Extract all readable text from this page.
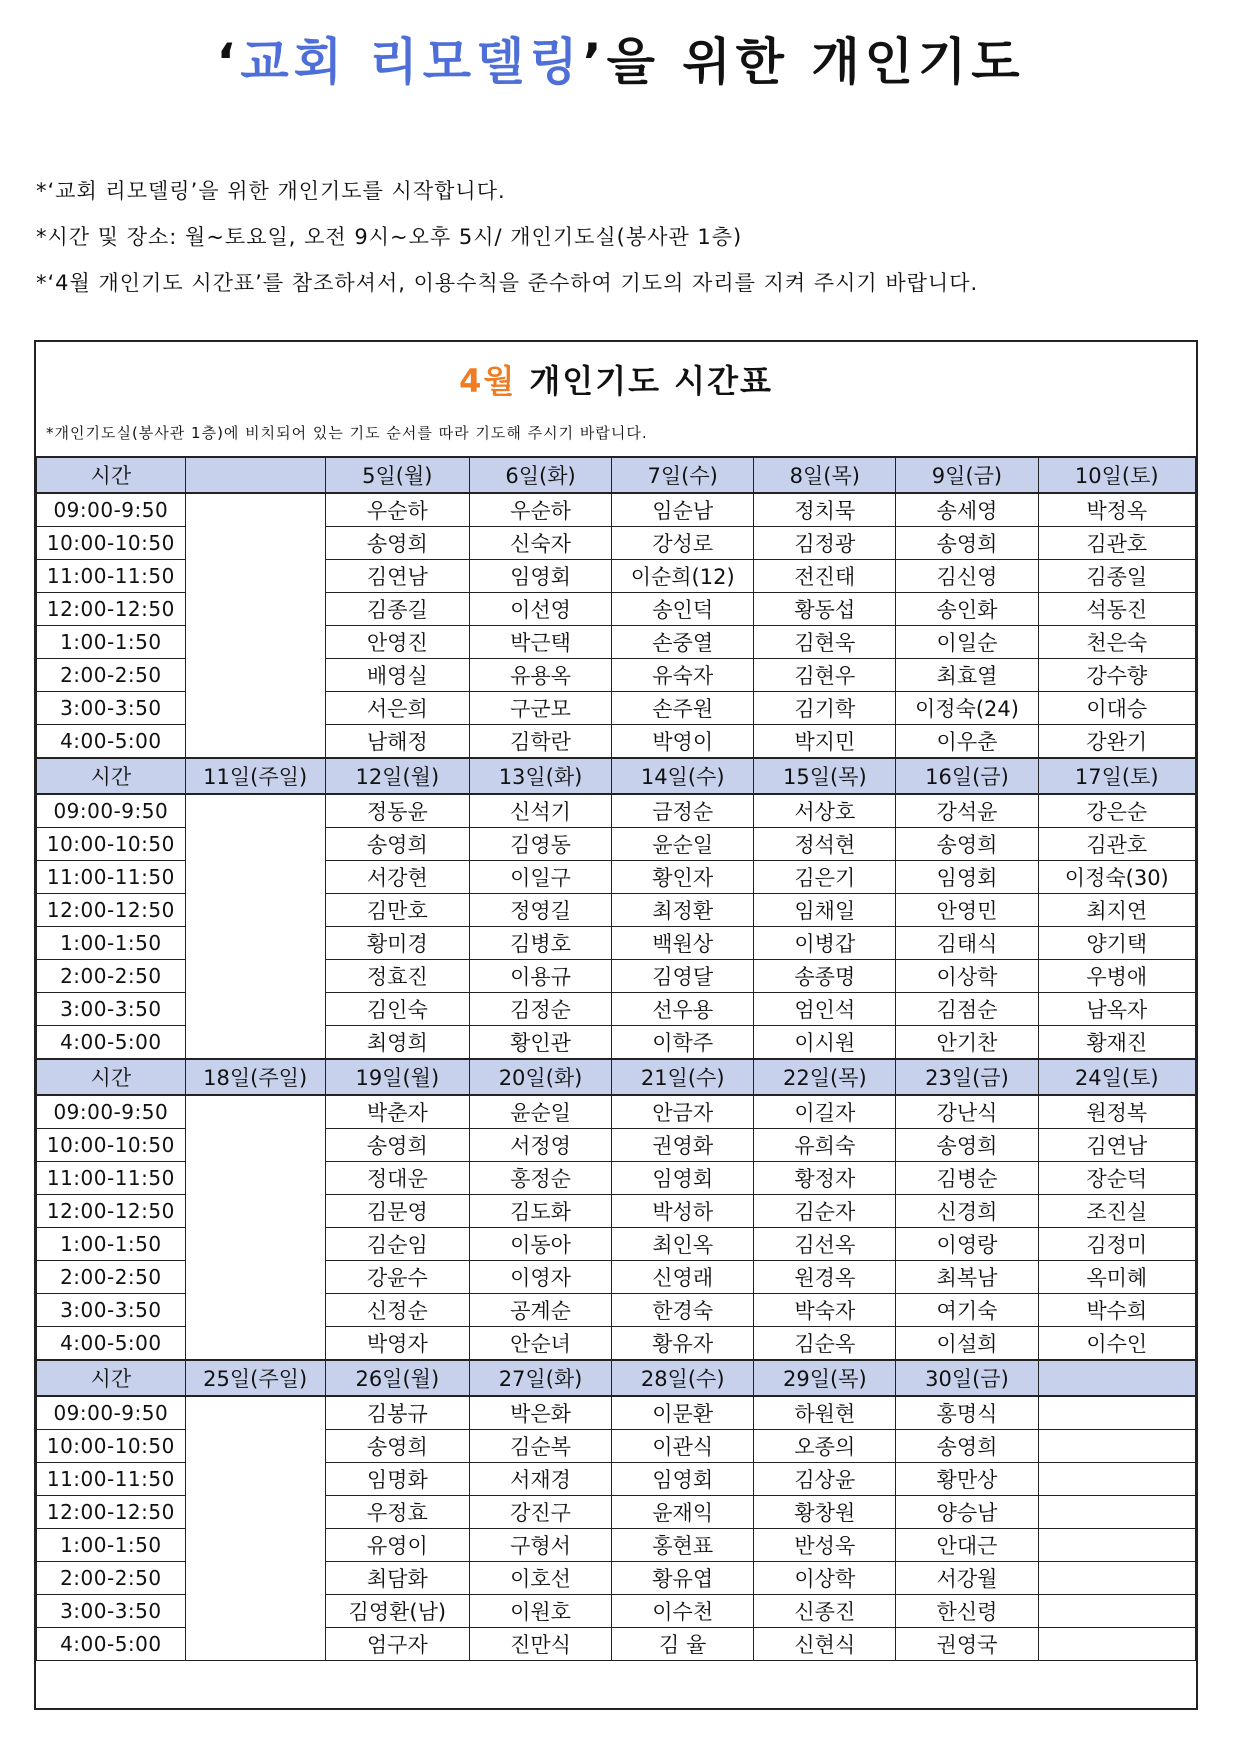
‘교회 리모델링’을 위한 개인기도
*‘교회 리모델링’을 위한 개인기도를 시작합니다.
*시간 및 장소: 월~토요일, 오전 9시~오후 5시/ 개인기도실(봉사관 1층)
*‘4월 개인기도 시간표’를 참조하셔서, 이용수칙을 준수하여 기도의 자리를 지켜 주시기 바랍니다.
4월 개인기도 시간표
*개인기도실(봉사관 1층)에 비치되어 있는 기도 순서를 따라 기도해 주시기 바랍니다.
시간		5일(월)	6일(화)	7일(수)	8일(목)	9일(금)	10일(토)
09:00-9:50		우순하	우순하	임순남	정치묵	송세영	박정옥
10:00-10:50		송영희	신숙자	강성로	김정광	송영희	김관호
11:00-11:50		김연남	임영회	이순희(12)	전진태	김신영	김종일
12:00-12:50		김종길	이선영	송인덕	황동섭	송인화	석동진
1:00-1:50		안영진	박근택	손중열	김현욱	이일순	천은숙
2:00-2:50		배영실	유용옥	유숙자	김현우	최효열	강수향
3:00-3:50		서은희	구군모	손주원	김기학	이정숙(24)	이대승
4:00-5:00		남해정	김학란	박영이	박지민	이우춘	강완기
시간	11일(주일)	12일(월)	13일(화)	14일(수)	15일(목)	16일(금)	17일(토)
09:00-9:50		정동윤	신석기	금정순	서상호	강석윤	강은순
10:00-10:50		송영희	김영동	윤순일	정석현	송영희	김관호
11:00-11:50		서강현	이일구	황인자	김은기	임영회	이정숙(30)
12:00-12:50		김만호	정영길	최정환	임채일	안영민	최지연
1:00-1:50		황미경	김병호	백원상	이병갑	김태식	양기택
2:00-2:50		정효진	이용규	김영달	송종명	이상학	우병애
3:00-3:50		김인숙	김정순	선우용	엄인석	김점순	남옥자
4:00-5:00		최영희	황인관	이학주	이시원	안기찬	황재진
시간	18일(주일)	19일(월)	20일(화)	21일(수)	22일(목)	23일(금)	24일(토)
09:00-9:50		박춘자	윤순일	안금자	이길자	강난식	원정복
10:00-10:50		송영희	서정영	권영화	유희숙	송영희	김연남
11:00-11:50		정대운	홍정순	임영회	황정자	김병순	장순덕
12:00-12:50		김문영	김도화	박성하	김순자	신경희	조진실
1:00-1:50		김순임	이동아	최인옥	김선옥	이영랑	김정미
2:00-2:50		강윤수	이영자	신영래	원경옥	최복남	옥미혜
3:00-3:50		신정순	공계순	한경숙	박숙자	여기숙	박수희
4:00-5:00		박영자	안순녀	황유자	김순옥	이설희	이수인
시간	25일(주일)	26일(월)	27일(화)	28일(수)	29일(목)	30일(금)	
09:00-9:50		김봉규	박은화	이문환	하원현	홍명식	
10:00-10:50		송영희	김순복	이관식	오종의	송영희	
11:00-11:50		임명화	서재경	임영회	김상윤	황만상	
12:00-12:50		우정효	강진구	윤재익	황창원	양승남	
1:00-1:50		유영이	구형서	홍현표	반성욱	안대근	
2:00-2:50		최담화	이호선	황유엽	이상학	서강월	
3:00-3:50		김영환(남)	이원호	이수천	신종진	한신령	
4:00-5:00		엄구자	진만식	김 율	신현식	권영국	
